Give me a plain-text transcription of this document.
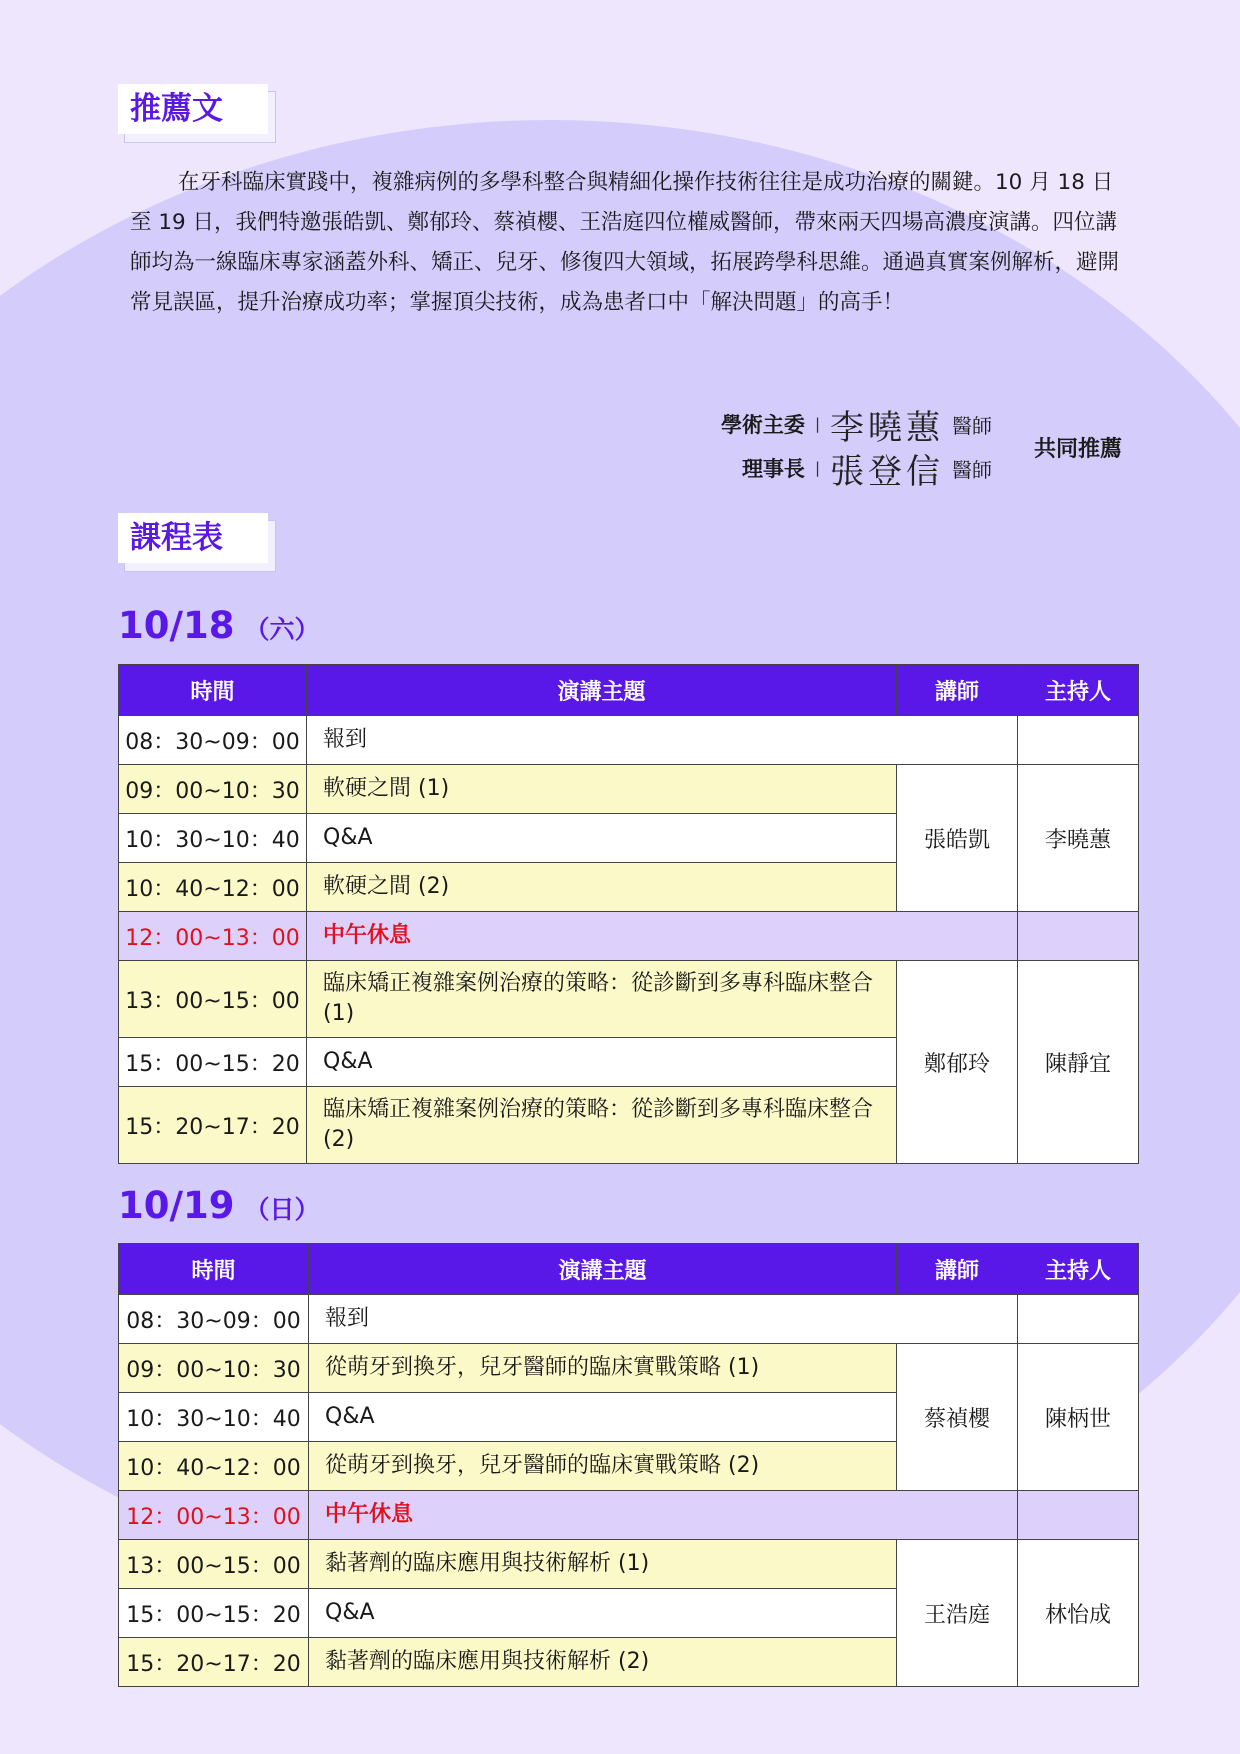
推薦文

在牙科臨床實踐中，複雜病例的多學科整合與精細化操作技術往往是成功治療的關鍵。10 月 18 日至 19 日，我們特邀張皓凱、鄭郁玲、蔡禎櫻、王浩庭四位權威醫師，帶來兩天四場高濃度演講。四位講師均為一線臨床專家涵蓋外科、矯正、兒牙、修復四大領域，拓展跨學科思維。通過真實案例解析，避開常見誤區，提升治療成功率；掌握頂尖技術，成為患者口中「解決問題」的高手！

學術主委 | 李曉蕙 醫師
理事長 | 張登信 醫師
共同推薦
課程表
10/18 （六）
時間	演講主題	講師	主持人
08：30~09：00	報到		
09：00~10：30	軟硬之間 (1)	張皓凱	李曉蕙
10：30~10：40	Q&A		
10：40~12：00	軟硬之間 (2)		
12：00~13：00	中午休息		
13：00~15：00	臨床矯正複雜案例治療的策略：從診斷到多專科臨床整合 (1)	鄭郁玲	陳靜宜
15：00~15：20	Q&A		
15：20~17：20	臨床矯正複雜案例治療的策略：從診斷到多專科臨床整合 (2)		
10/19 （日）
時間	演講主題	講師	主持人
08：30~09：00	報到		
09：00~10：30	從萌牙到換牙，兒牙醫師的臨床實戰策略 (1)	蔡禎櫻	陳柄世
10：30~10：40	Q&A		
10：40~12：00	從萌牙到換牙，兒牙醫師的臨床實戰策略 (2)		
12：00~13：00	中午休息		
13：00~15：00	黏著劑的臨床應用與技術解析 (1)	王浩庭	林怡成
15：00~15：20	Q&A		
15：20~17：20	黏著劑的臨床應用與技術解析 (2)		
